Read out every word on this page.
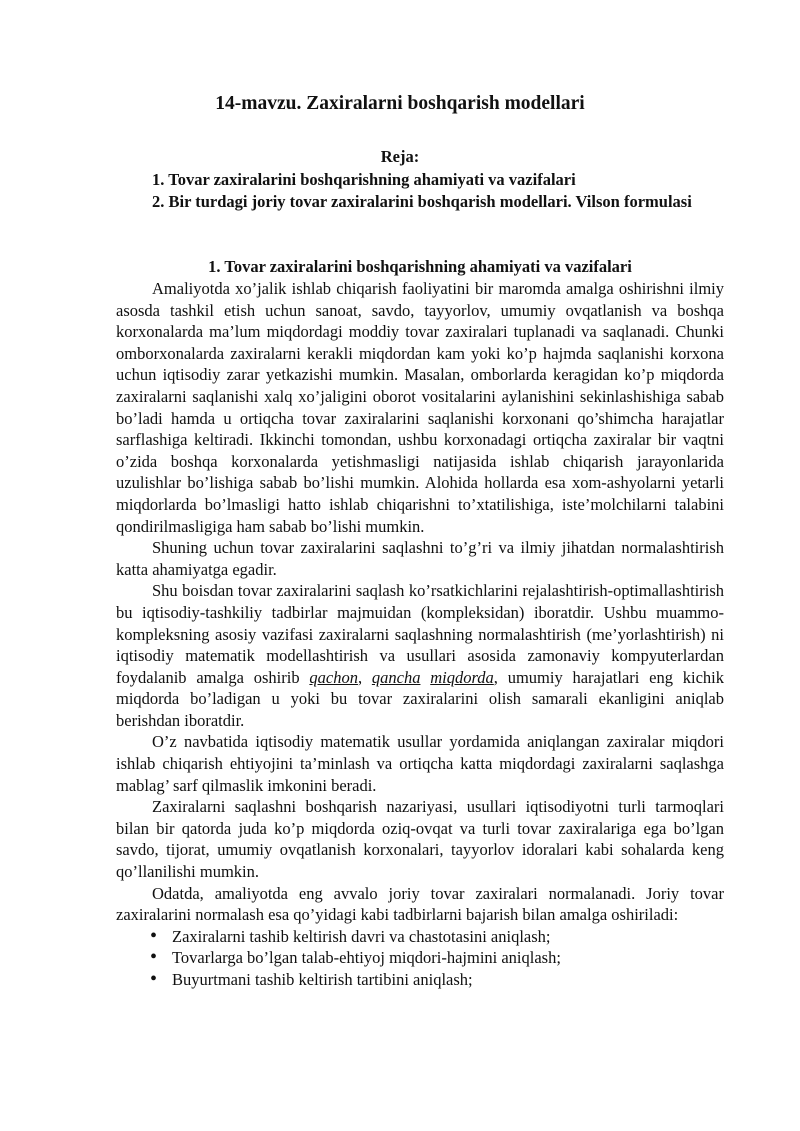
14-mavzu. Zaxiralarni boshqarish modellari
Reja:

1. Tovar zaxiralarini boshqarishning ahamiyati va vazifalari

2. Bir turdagi joriy tovar zaxiralarini boshqarish modellari. Vilson formulasi

1. Tovar zaxiralarini boshqarishning ahamiyati va vazifalari

Amaliyotda xo’jalik ishlab chiqarish faoliyatini bir maromda amalga oshirishni ilmiy asosda tashkil etish uchun sanoat, savdo, tayyorlov, umumiy ovqatlanish va boshqa korxonalarda ma’lum miqdordagi moddiy tovar zaxiralari tuplanadi va saqlanadi. Chunki omborxonalarda zaxiralarni kerakli miqdordan kam yoki ko’p hajmda saqlanishi korxona uchun iqtisodiy zarar yetkazishi mumkin. Masalan, omborlarda keragidan ko’p miqdorda zaxiralarni saqlanishi xalq xo’jaligini oborot vositalarini aylanishini sekinlashishiga sabab bo’ladi hamda u ortiqcha tovar zaxiralarini saqlanishi korxonani qo’shimcha harajatlar sarflashiga keltiradi. Ikkinchi tomondan, ushbu korxonadagi ortiqcha zaxiralar bir vaqtni o’zida boshqa korxonalarda yetishmasligi natijasida ishlab chiqarish jarayonlarida uzulishlar bo’lishiga sabab bo’lishi mumkin. Alohida hollarda esa xom-ashyolarni yetarli miqdorlarda bo’lmasligi hatto ishlab chiqarishni to’xtatilishiga, iste’molchilarni talabini qondirilmasligiga ham sabab bo’lishi mumkin.

Shuning uchun tovar zaxiralarini saqlashni to’g’ri va ilmiy jihatdan normalashtirish katta ahamiyatga egadir.

Shu boisdan tovar zaxiralarini saqlash ko’rsatkichlarini rejalashtirish-optimallashtirish bu iqtisodiy-tashkiliy tadbirlar majmuidan (kompleksidan) iboratdir. Ushbu muammo-kompleksning asosiy vazifasi zaxiralarni saqlashning normalashtirish (me’yorlashtirish) ni iqtisodiy matematik modellashtirish va usullari asosida zamonaviy kompyuterlardan foydalanib amalga oshirib qachon, qancha miqdorda, umumiy harajatlari eng kichik miqdorda bo’ladigan u yoki bu tovar zaxiralarini olish samarali ekanligini aniqlab berishdan iboratdir.

O’z navbatida iqtisodiy matematik usullar yordamida aniqlangan zaxiralar miqdori ishlab chiqarish ehtiyojini ta’minlash va ortiqcha katta miqdordagi zaxiralarni saqlashga mablag’ sarf qilmaslik imkonini beradi.

Zaxiralarni saqlashni boshqarish nazariyasi, usullari iqtisodiyotni turli tarmoqlari bilan bir qatorda juda ko’p miqdorda oziq-ovqat va turli tovar zaxiralariga ega bo’lgan savdo, tijorat, umumiy ovqatlanish korxonalari, tayyorlov idoralari kabi sohalarda keng qo’llanilishi mumkin.

Odatda, amaliyotda eng avvalo joriy tovar zaxiralari normalanadi. Joriy tovar zaxiralarini normalash esa qo’yidagi kabi tadbirlarni bajarish bilan amalga oshiriladi:

• Zaxiralarni tashib keltirish davri va chastotasini aniqlash;
• Tovarlarga bo’lgan talab-ehtiyoj miqdori-hajmini aniqlash;
• Buyurtmani tashib keltirish tartibini aniqlash;
